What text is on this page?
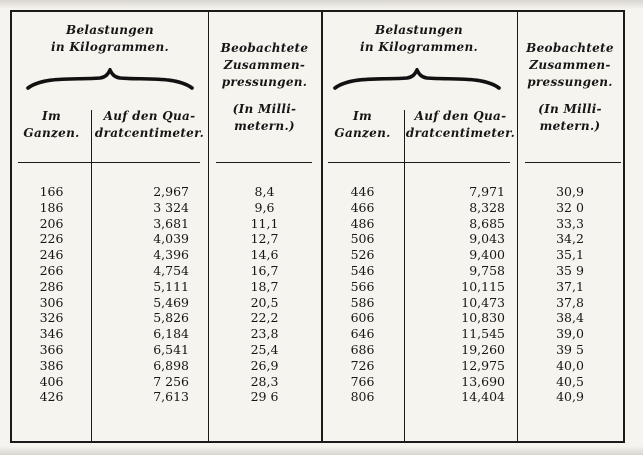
Belastungen
in Kilogrammen.
Im
Ganzen.
Auf den Qua-
dratcentimeter.
Beobachtete
Zusammen-
pressungen.
(In Milli-
metern.)
Belastungen
in Kilogrammen.
Im
Ganzen.
Auf den Qua-
dratcentimeter.
Beobachtete
Zusammen-
pressungen.
(In Milli-
metern.)
166
186
206
226
246
266
286
306
326
346
366
386
406
426
2,967
3 324
3,681
4,039
4,396
4,754
5,111
5,469
5,826
6,184
6,541
6,898
7 256
7,613
8,4
9,6
11,1
12,7
14,6
16,7
18,7
20,5
22,2
23,8
25,4
26,9
28,3
29 6
446
466
486
506
526
546
566
586
606
646
686
726
766
806
7,971
8,328
8,685
9,043
9,400
9,758
10,115
10,473
10,830
11,545
19,260
12,975
13,690
14,404
30,9
32 0
33,3
34,2
35,1
35 9
37,1
37,8
38,4
39,0
39 5
40,0
40,5
40,9
